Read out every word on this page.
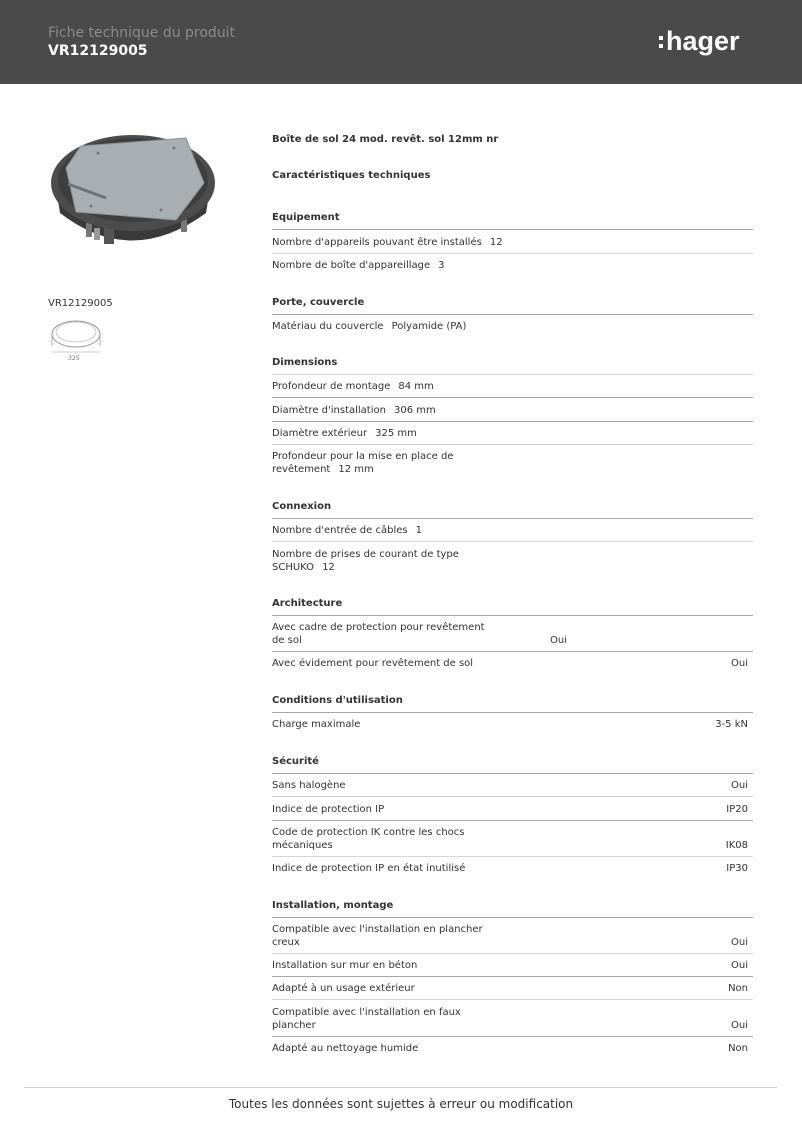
Fiche technique du produit
VR12129005	hager
VR12129005
325
Boîte de sol 24 mod. revêt. sol 12mm nr
Caractéristiques techniques
Equipement
Nombre d'appareils pouvant être installés 12
Nombre de boîte d'appareillage 3
Porte, couvercle
Matériau du couvercle Polyamide (PA)
Dimensions
Profondeur de montage 84 mm
Diamètre d'installation 306 mm
Diamètre extérieur 325 mm
Profondeur pour la mise en place de
revêtement 12 mm
Connexion
Nombre d'entrée de câbles 1
Nombre de prises de courant de type
SCHUKO 12
Architecture
Avec cadre de protection pour revêtement
de sol	Oui
Avec évidement pour revêtement de sol	Oui
Conditions d'utilisation
Charge maximale	3-5 kN
Sécurité
Sans halogène	Oui
Indice de protection IP	IP20
Code de protection IK contre les chocs
mécaniques	IK08
Indice de protection IP en état inutilisé	IP30
Installation, montage
Compatible avec l'installation en plancher
creux	Oui
Installation sur mur en béton	Oui
Adapté à un usage extérieur	Non
Compatible avec l'installation en faux
plancher	Oui
Adapté au nettoyage humide	Non
Toutes les données sont sujettes à erreur ou modification
